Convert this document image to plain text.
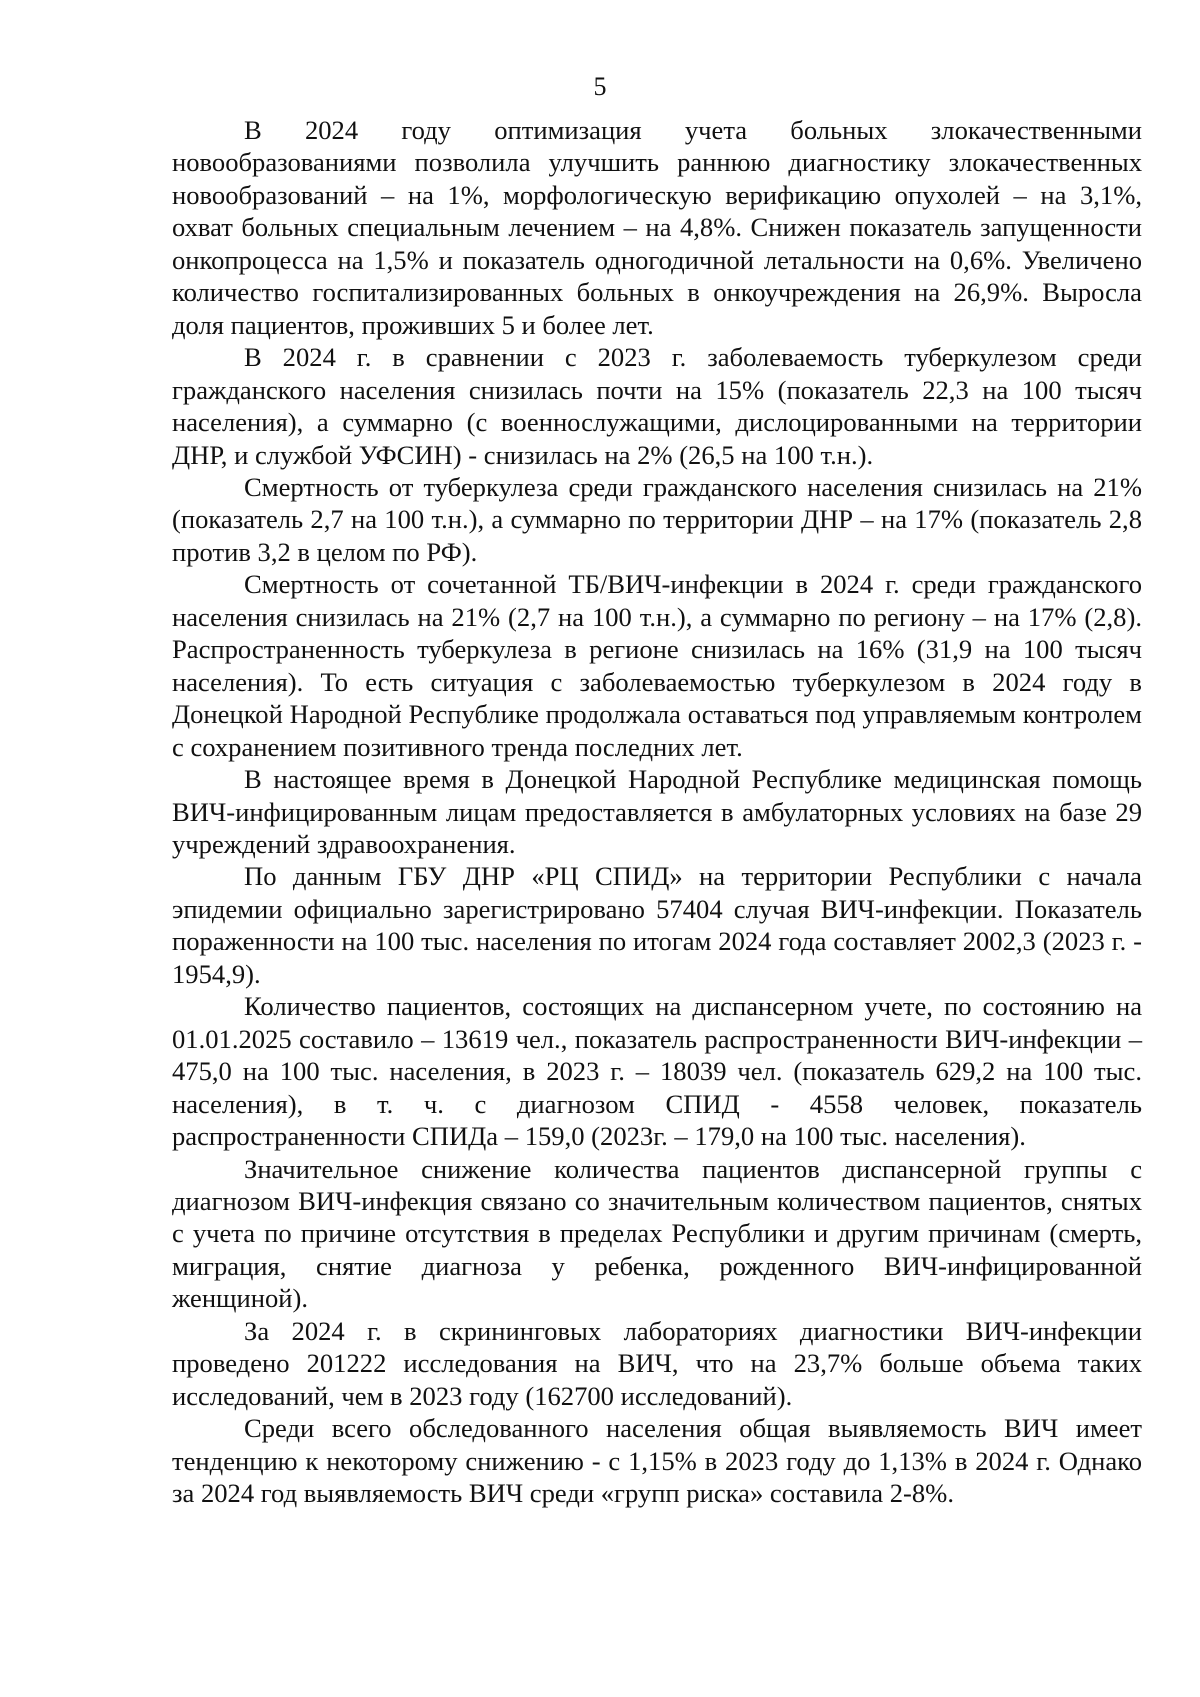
5

В 2024 году оптимизация учета больных злокачественными новообразованиями позволила улучшить раннюю диагностику злокачественных новообразований – на 1%, морфологическую верификацию опухолей – на 3,1%, охват больных специальным лечением – на 4,8%. Снижен показатель запущенности онкопроцесса на 1,5% и показатель одногодичной летальности на 0,6%. Увеличено количество госпитализированных больных в онкоучреждения на 26,9%. Выросла доля пациентов, проживших 5 и более лет.

В 2024 г. в сравнении с 2023 г. заболеваемость туберкулезом среди гражданского населения снизилась почти на 15% (показатель 22,3 на 100 тысяч населения), а суммарно (с военнослужащими, дислоцированными на территории ДНР, и службой УФСИН) - снизилась на 2% (26,5 на 100 т.н.).

Смертность от туберкулеза среди гражданского населения снизилась на 21% (показатель 2,7 на 100 т.н.), а суммарно по территории ДНР – на 17% (показатель 2,8 против 3,2 в целом по РФ).

Смертность от сочетанной ТБ/ВИЧ-инфекции в 2024 г. среди гражданского населения снизилась на 21% (2,7 на 100 т.н.), а суммарно по региону – на 17% (2,8). Распространенность туберкулеза в регионе снизилась на 16% (31,9 на 100 тысяч населения). То есть ситуация с заболеваемостью туберкулезом в 2024 году в Донецкой Народной Республике продолжала оставаться под управляемым контролем с сохранением позитивного тренда последних лет.

В настоящее время в Донецкой Народной Республике медицинская помощь ВИЧ-инфицированным лицам предоставляется в амбулаторных условиях на базе 29 учреждений здравоохранения.

По данным ГБУ ДНР «РЦ СПИД» на территории Республики с начала эпидемии официально зарегистрировано 57404 случая ВИЧ-инфекции. Показатель пораженности на 100 тыс. населения по итогам 2024 года составляет 2002,3 (2023 г. - 1954,9).

Количество пациентов, состоящих на диспансерном учете, по состоянию на 01.01.2025 составило – 13619 чел., показатель распространенности ВИЧ-инфекции – 475,0 на 100 тыс. населения, в 2023 г. – 18039 чел. (показатель 629,2 на 100 тыс. населения), в т. ч. с диагнозом СПИД - 4558 человек, показатель распространенности СПИДа – 159,0 (2023г. – 179,0 на 100 тыс. населения).

Значительное снижение количества пациентов диспансерной группы с диагнозом ВИЧ-инфекция связано со значительным количеством пациентов, снятых с учета по причине отсутствия в пределах Республики и другим причинам (смерть, миграция, снятие диагноза у ребенка, рожденного ВИЧ-инфицированной женщиной).

За 2024 г. в скрининговых лабораториях диагностики ВИЧ-инфекции проведено 201222 исследования на ВИЧ, что на 23,7% больше объема таких исследований, чем в 2023 году (162700 исследований).

Среди всего обследованного населения общая выявляемость ВИЧ имеет тенденцию к некоторому снижению - с 1,15% в 2023 году до 1,13% в 2024 г. Однако за 2024 год выявляемость ВИЧ среди «групп риска» составила 2-8%.
